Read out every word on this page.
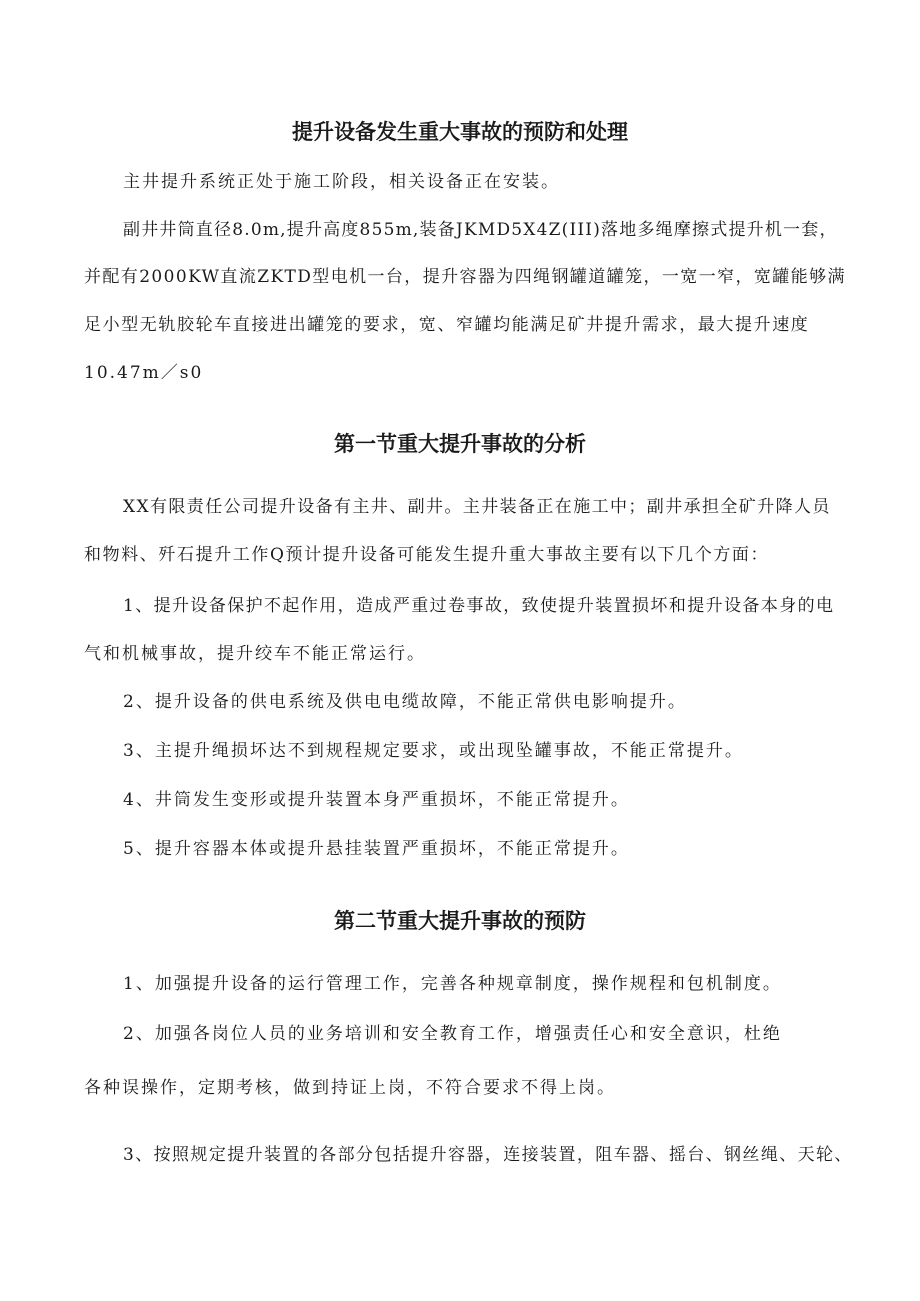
提升设备发生重大事故的预防和处理
主井提升系统正处于施工阶段，相关设备正在安装。
副井井筒直径8.0m,提升高度855m,装备JKMD5X4Z(III)落地多绳摩擦式提升机一套，
并配有2000KW直流ZKTD型电机一台，提升容器为四绳钢罐道罐笼，一宽一窄，宽罐能够满
足小型无轨胶轮车直接进出罐笼的要求，宽、窄罐均能满足矿井提升需求，最大提升速度
10.47m／s0
第一节重大提升事故的分析
XX有限责任公司提升设备有主井、副井。主井装备正在施工中；副井承担全矿升降人员
和物料、歼石提升工作Q预计提升设备可能发生提升重大事故主要有以下几个方面：
1、提升设备保护不起作用，造成严重过卷事故，致使提升装置损坏和提升设备本身的电
气和机械事故，提升绞车不能正常运行。
2、提升设备的供电系统及供电电缆故障，不能正常供电影响提升。
3、主提升绳损坏达不到规程规定要求，或出现坠罐事故，不能正常提升。
4、井筒发生变形或提升装置本身严重损坏，不能正常提升。
5、提升容器本体或提升悬挂装置严重损坏，不能正常提升。
第二节重大提升事故的预防
1、加强提升设备的运行管理工作，完善各种规章制度，操作规程和包机制度。
2、加强各岗位人员的业务培训和安全教育工作，增强责任心和安全意识，杜绝
各种误操作，定期考核，做到持证上岗，不符合要求不得上岗。
3、按照规定提升装置的各部分包括提升容器，连接装置，阻车器、摇台、钢丝绳、天轮、
